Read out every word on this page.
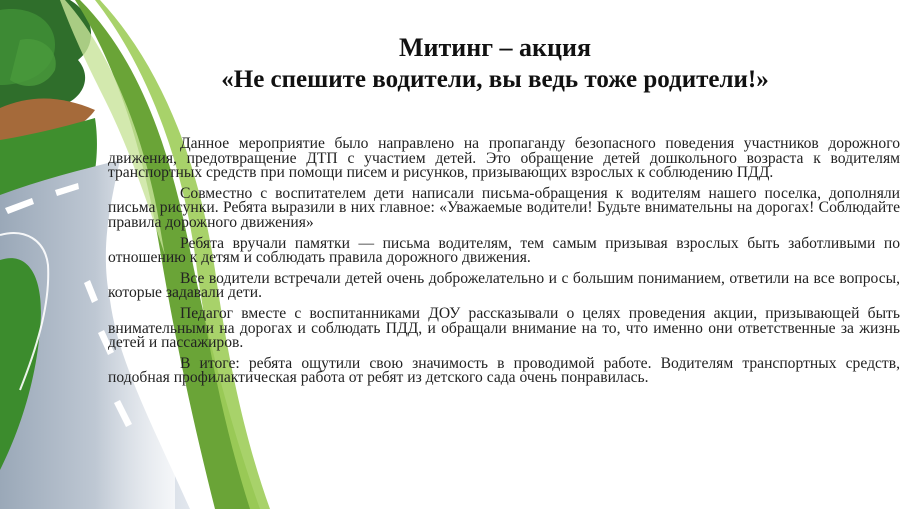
Митинг – акция
«Не спешите водители, вы ведь тоже родители!»

Данное мероприятие было направлено на пропаганду безопасного поведения участников дорожного движения, предотвращение ДТП с участием детей. Это обращение детей дошкольного возраста к водителям транспортных средств при помощи писем и рисунков, призывающих взрослых к соблюдению ПДД.

Совместно с воспитателем дети написали письма-обращения к водителям нашего поселка, дополняли письма рисунки. Ребята выразили в них главное: «Уважаемые водители! Будьте внимательны на дорогах! Соблюдайте правила дорожного движения»

Ребята вручали памятки — письма водителям, тем самым призывая взрослых быть заботливыми по отношению к детям и соблюдать правила дорожного движения.

Все водители встречали детей очень доброжелательно и с большим пониманием, ответили на все вопросы, которые задавали дети.

Педагог вместе с воспитанниками ДОУ рассказывали о целях проведения акции, призывающей быть внимательными на дорогах и соблюдать ПДД, и обращали внимание на то, что именно они ответственные за жизнь детей и пассажиров.

В итоге: ребята ощутили свою значимость в проводимой работе. Водителям транспортных средств, подобная профилактическая работа от ребят из детского сада очень понравилась.
